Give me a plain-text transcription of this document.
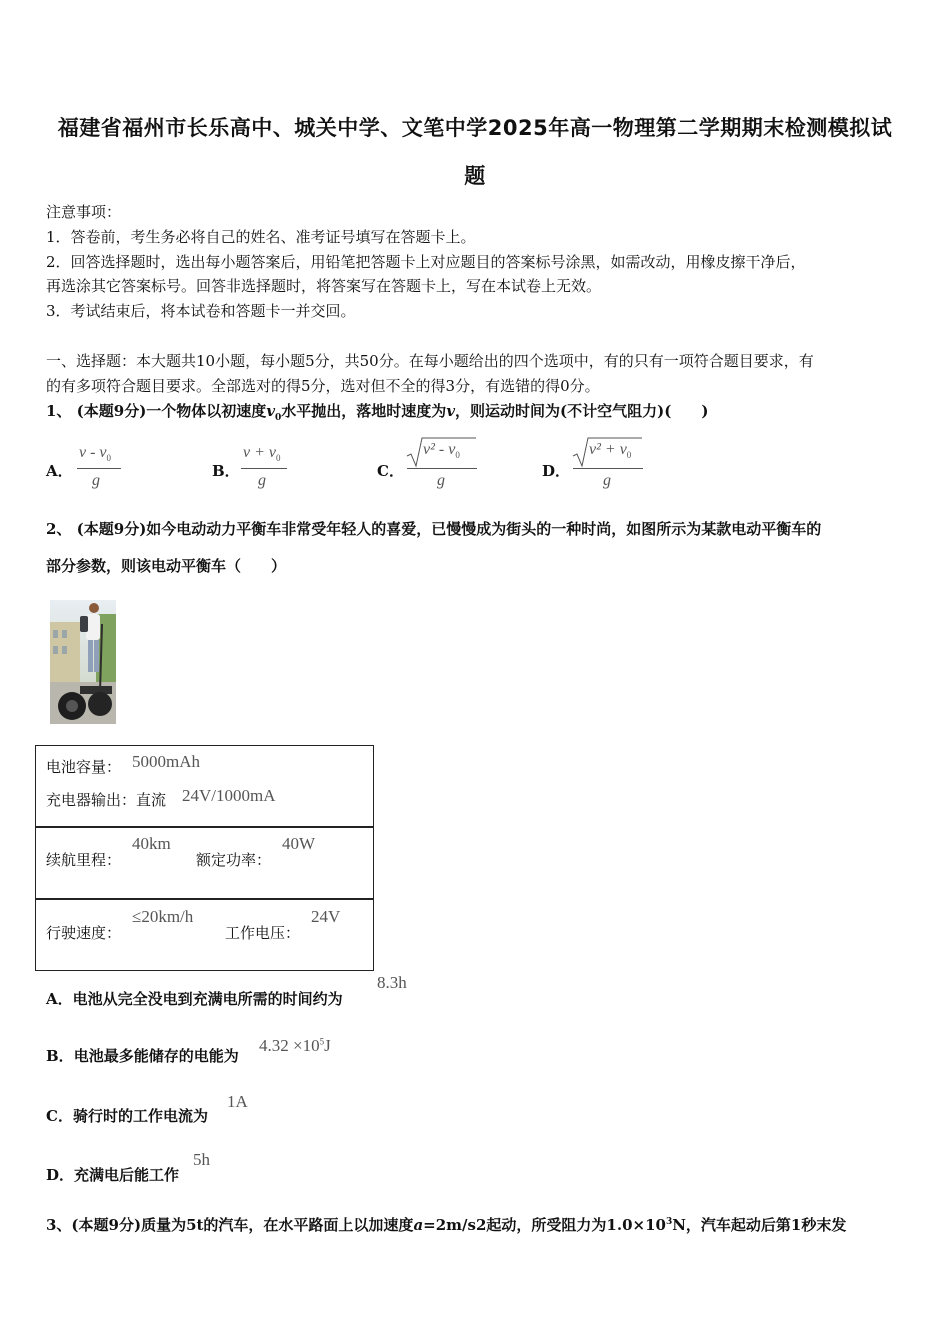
福建省福州市长乐高中、城关中学、文笔中学2025年高一物理第二学期期末检测模拟试
题
注意事项：
1．答卷前，考生务必将自己的姓名、准考证号填写在答题卡上。
2．回答选择题时，选出每小题答案后，用铅笔把答题卡上对应题目的答案标号涂黑，如需改动，用橡皮擦干净后，
再选涂其它答案标号。回答非选择题时，将答案写在答题卡上，写在本试卷上无效。
3．考试结束后，将本试卷和答题卡一并交回。
一、选择题：本大题共10小题，每小题5分，共50分。在每小题给出的四个选项中，有的只有一项符合题目要求，有
的有多项符合题目要求。全部选对的得5分，选对但不全的得3分，有选错的得0分。
1、 (本题9分)一个物体以初速度$v_0$水平抛出，落地时速度为v，则运动时间为(不计空气阻力)(　　)
A．
v - $v_0$
g
B．
$v + v_0$
g
C．
$v^2 - v_0$
g
D．
$v^2 + v_0$
g
2、 (本题9分)如今电动动力平衡车非常受年轻人的喜爱，已慢慢成为街头的一种时尚，如图所示为某款电动平衡车的
部分参数，则该电动平衡车（　　）
电池容量： 5000mAh
充电器输出：直流 24V/1000mA
续航里程：
40km
额定功率：
40W
行驶速度：
≤20km/h
工作电压：
24V
A．电池从完全没电到充满电所需的时间约为
8.3h
B．电池最多能储存的电能为
$4.32 \times 10^5J$
C．骑行时的工作电流为
1A
D．充满电后能工作
5h
3、(本题9分)质量为5t的汽车，在水平路面上以加速度a=2m/s2起动，所受阻力为$1.0\times 10^3N$，汽车起动后第1秒末发
